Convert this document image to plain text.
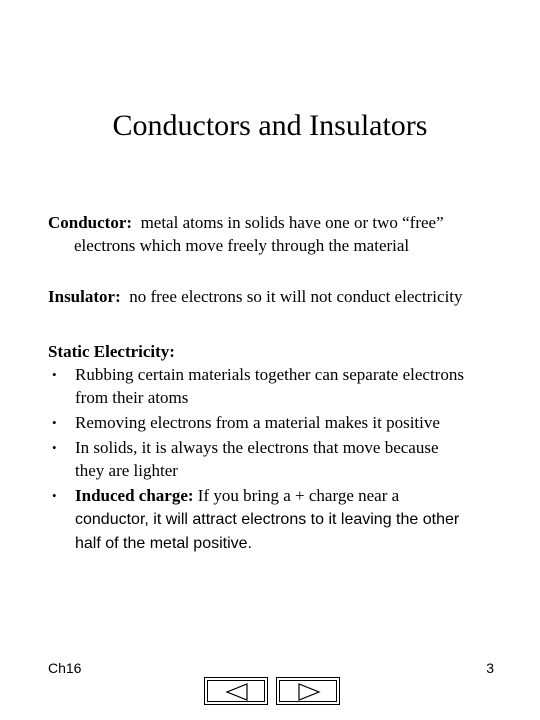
Conductors and Insulators
Conductor:  metal atoms in solids have one or two “free”
electrons which move freely through the material
Insulator:  no free electrons so it will not conduct electricity
Static Electricity:
• Rubbing certain materials together can separate electrons
from their atoms
• Removing electrons from a material makes it positive
• In solids, it is always the electrons that move because
they are lighter
• Induced charge: If you bring a + charge near a
conductor, it will attract electrons to it leaving the other
half of the metal positive.
Ch16	3
